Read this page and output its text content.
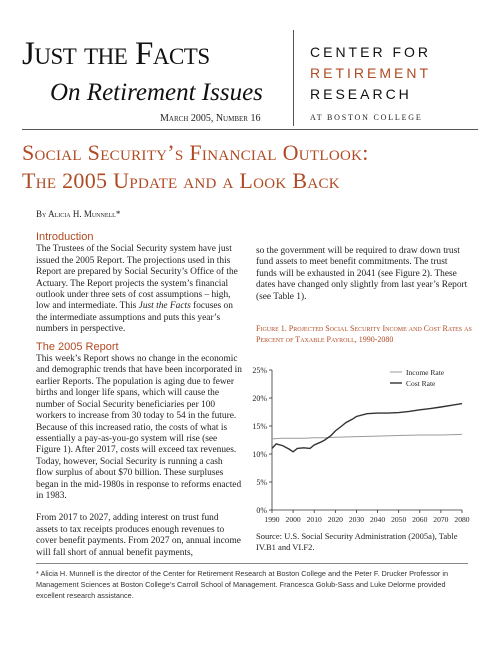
Just the Facts
On Retirement Issues
March 2005, Number 16
CENTER FOR
RETIREMENT
RESEARCH
AT BOSTON COLLEGE
Social Security’s Financial Outlook:
The 2005 Update and a Look Back
By Alicia H. Munnell*
Introduction

The Trustees of the Social Security system have just issued the 2005 Report. The projections used in this Report are prepared by Social Security’s Office of the Actuary. The Report projects the system’s financial outlook under three sets of cost assumptions – high, low and intermediate. This Just the Facts focuses on the intermediate assumptions and puts this year’s numbers in perspective.

The 2005 Report

This week’s Report shows no change in the economic and demographic trends that have been incorporated in earlier Reports. The population is aging due to fewer births and longer life spans, which will cause the number of Social Security beneficiaries per 100 workers to increase from 30 today to 54 in the future. Because of this increased ratio, the costs of what is essentially a pay-as-you-go system will rise (see Figure 1). After 2017, costs will exceed tax revenues. Today, however, Social Security is running a cash flow surplus of about $70 billion. These surpluses began in the mid-1980s in response to reforms enacted in 1983.

From 2017 to 2027, adding interest on trust fund assets to tax receipts produces enough revenues to cover benefit payments. From 2027 on, annual income will fall short of annual benefit payments,

so the government will be required to draw down trust fund assets to meet benefit commitments. The trust funds will be exhausted in 2041 (see Figure 2). These dates have changed only slightly from last year’s Report (see Table 1).

Figure 1. Projected Social Security Income and Cost Rates as Percent of Taxable Payroll, 1990-2080
0%
5%
10%
15%
20%
25%
1990 2000 2010 2020 2030 2040 2050 2060 2070 2080
Income Rate
Cost Rate
Source: U.S. Social Security Administration (2005a), Table IV.B1 and VI.F2.
* Alicia H. Munnell is the director of the Center for Retirement Research at Boston College and the Peter F. Drucker Professor in Management Sciences at Boston College’s Carroll School of Management. Francesca Golub-Sass and Luke Delorme provided excellent research assistance.
